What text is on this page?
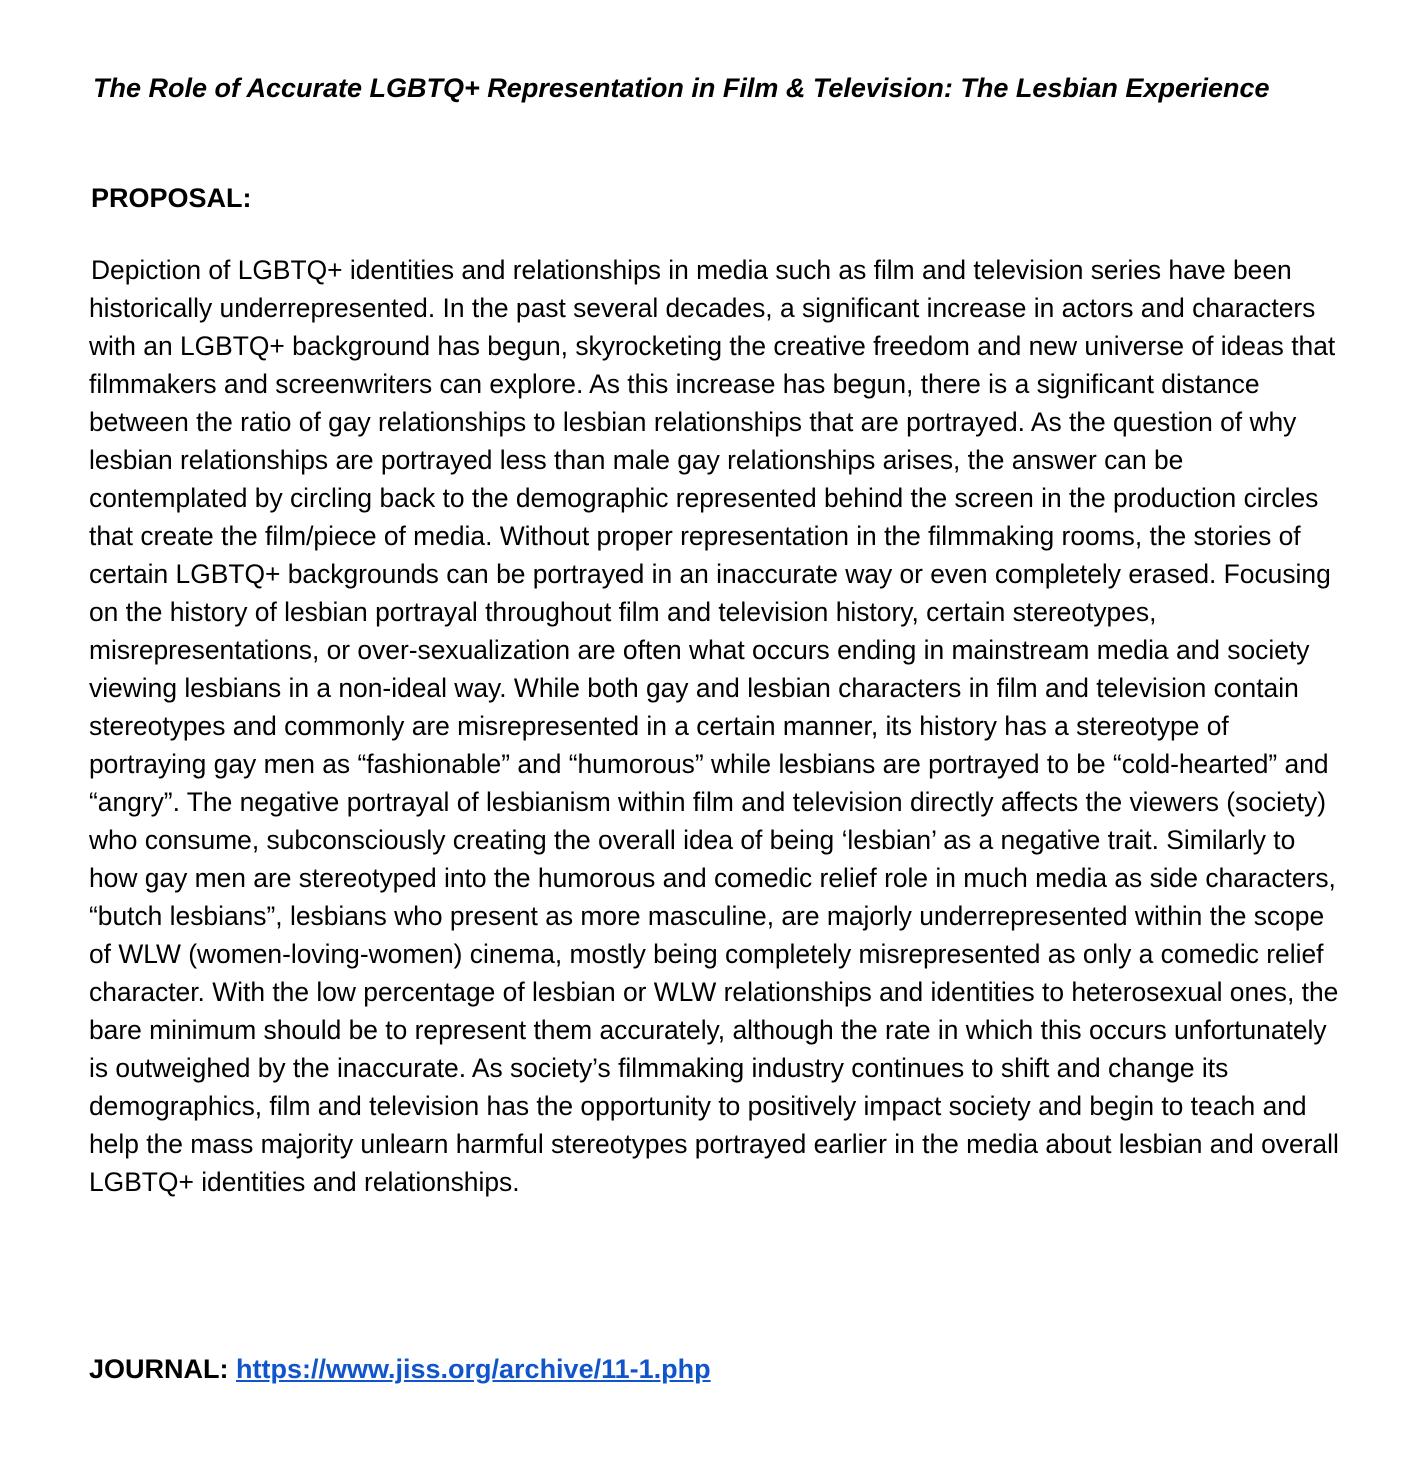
The Role of Accurate LGBTQ+ Representation in Film & Television: The Lesbian Experience
PROPOSAL:

Depiction of LGBTQ+ identities and relationships in media such as film and television series have been historically underrepresented. In the past several decades, a significant increase in actors and characters with an LGBTQ+ background has begun, skyrocketing the creative freedom and new universe of ideas that filmmakers and screenwriters can explore. As this increase has begun, there is a significant distance between the ratio of gay relationships to lesbian relationships that are portrayed. As the question of why lesbian relationships are portrayed less than male gay relationships arises, the answer can be contemplated by circling back to the demographic represented behind the screen in the production circles that create the film/piece of media. Without proper representation in the filmmaking rooms, the stories of certain LGBTQ+ backgrounds can be portrayed in an inaccurate way or even completely erased. Focusing on the history of lesbian portrayal throughout film and television history, certain stereotypes, misrepresentations, or over-sexualization are often what occurs ending in mainstream media and society viewing lesbians in a non-ideal way. While both gay and lesbian characters in film and television contain stereotypes and commonly are misrepresented in a certain manner, its history has a stereotype of portraying gay men as “fashionable” and “humorous” while lesbians are portrayed to be “cold-hearted” and “angry”. The negative portrayal of lesbianism within film and television directly affects the viewers (society) who consume, subconsciously creating the overall idea of being ‘lesbian’ as a negative trait. Similarly to how gay men are stereotyped into the humorous and comedic relief role in much media as side characters, “butch lesbians”, lesbians who present as more masculine, are majorly underrepresented within the scope of WLW (women-loving-women) cinema, mostly being completely misrepresented as only a comedic relief character. With the low percentage of lesbian or WLW relationships and identities to heterosexual ones, the bare minimum should be to represent them accurately, although the rate in which this occurs unfortunately is outweighed by the inaccurate. As society’s filmmaking industry continues to shift and change its demographics, film and television has the opportunity to positively impact society and begin to teach and help the mass majority unlearn harmful stereotypes portrayed earlier in the media about lesbian and overall LGBTQ+ identities and relationships.

JOURNAL: https://www.jiss.org/archive/11-1.php
